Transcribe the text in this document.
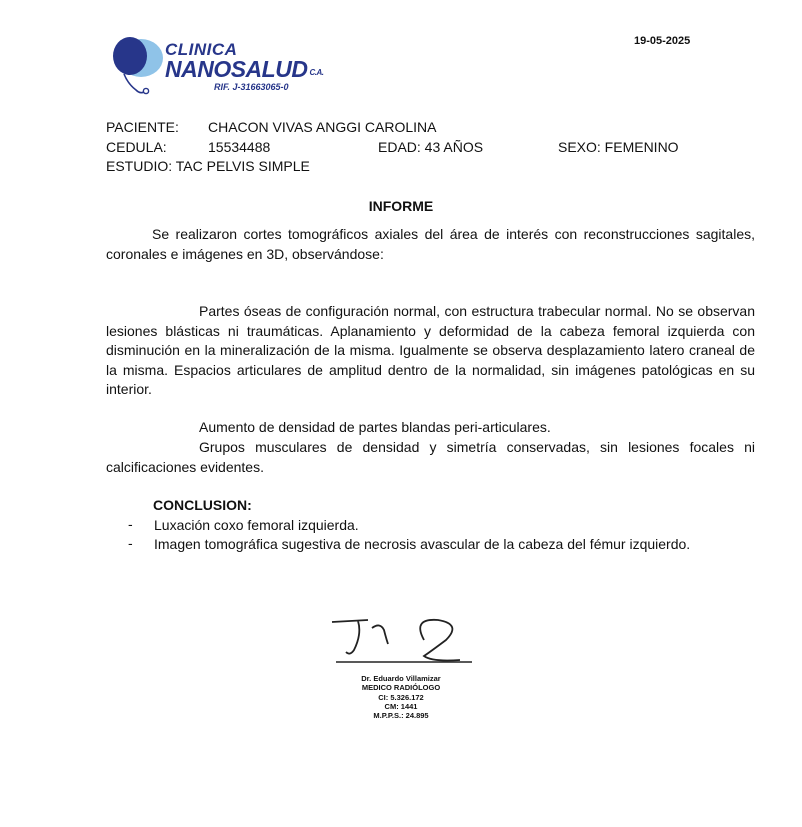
CLINICA
NANOSALUD C.A.
RIF. J-31663065-0
19-05-2025
PACIENTE: CHACON VIVAS ANGGI CAROLINA
CEDULA:	15534488	EDAD: 43 AÑOS	SEXO: FEMENINO
ESTUDIO: TAC PELVIS SIMPLE
INFORME
Se realizaron cortes tomográficos axiales del área de interés con reconstrucciones sagitales, coronales e imágenes en 3D, observándose:
Partes óseas de configuración normal, con estructura trabecular normal. No se observan lesiones blásticas ni traumáticas. Aplanamiento y deformidad de la cabeza femoral izquierda con disminución en la mineralización de la misma. Igualmente se observa desplazamiento latero craneal de la misma. Espacios articulares de amplitud dentro de la normalidad, sin imágenes patológicas en su interior.
Aumento de densidad de partes blandas peri-articulares.
Grupos musculares de densidad y simetría conservadas, sin lesiones focales ni calcificaciones evidentes.
CONCLUSION:
- Luxación coxo femoral izquierda.
- Imagen tomográfica sugestiva de necrosis avascular de la cabeza del fémur izquierdo.
Dr. Eduardo Villamizar
MEDICO RADIÓLOGO
CI: 5.326.172
CM: 1441
M.P.P.S.: 24.895
